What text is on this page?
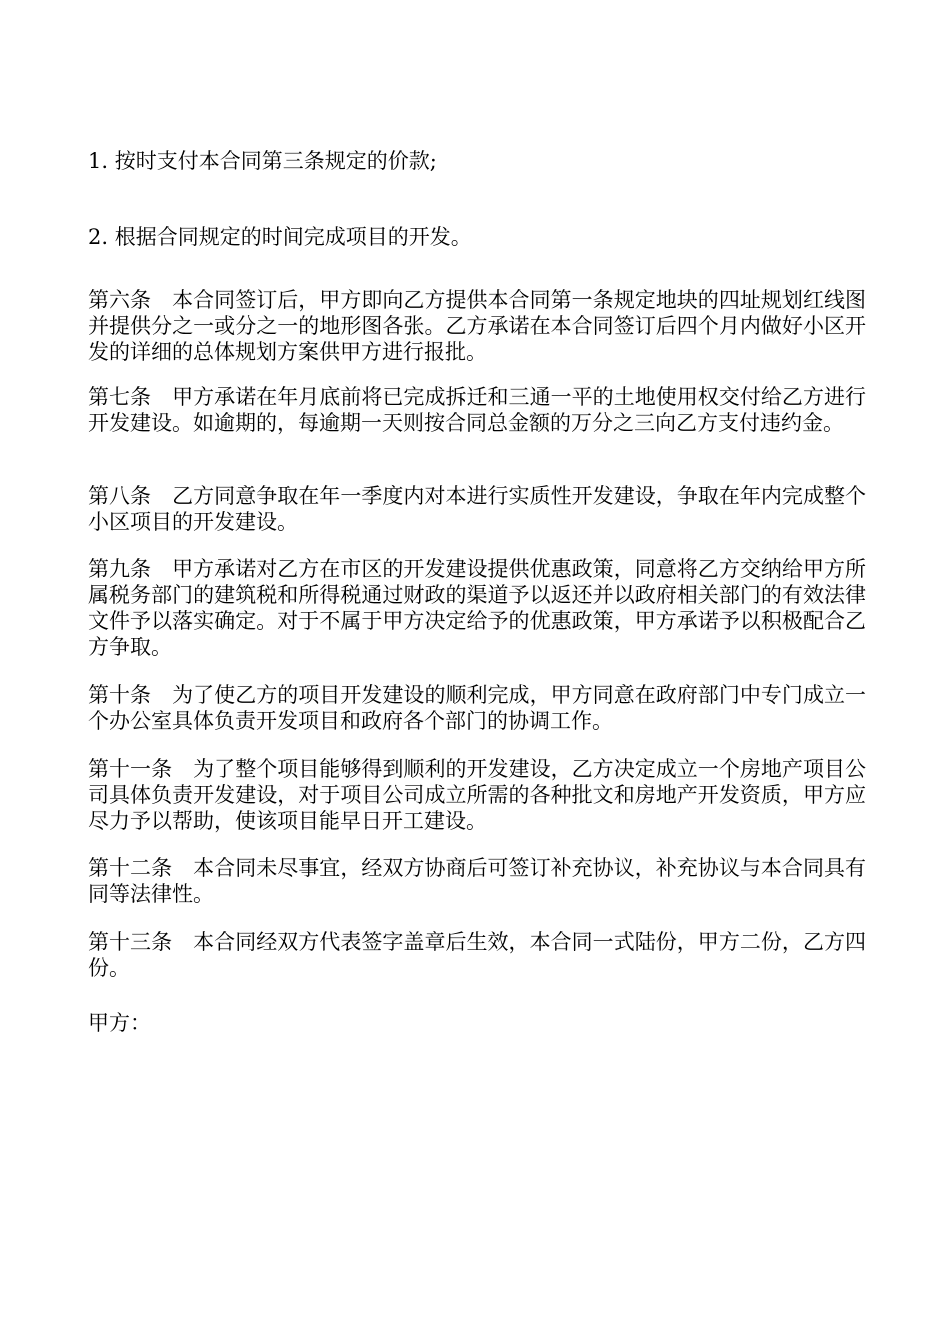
1. 按时支付本合同第三条规定的价款;

2. 根据合同规定的时间完成项目的开发。

第六条　本合同签订后，甲方即向乙方提供本合同第一条规定地块的四址规划红线图并提供分之一或分之一的地形图各张。乙方承诺在本合同签订后四个月内做好小区开发的详细的总体规划方案供甲方进行报批。

第七条　甲方承诺在年月底前将已完成拆迁和三通一平的土地使用权交付给乙方进行开发建设。如逾期的，每逾期一天则按合同总金额的万分之三向乙方支付违约金。

第八条　乙方同意争取在年一季度内对本进行实质性开发建设，争取在年内完成整个小区项目的开发建设。

第九条　甲方承诺对乙方在市区的开发建设提供优惠政策，同意将乙方交纳给甲方所属税务部门的建筑税和所得税通过财政的渠道予以返还并以政府相关部门的有效法律文件予以落实确定。对于不属于甲方决定给予的优惠政策，甲方承诺予以积极配合乙方争取。

第十条　为了使乙方的项目开发建设的顺利完成，甲方同意在政府部门中专门成立一个办公室具体负责开发项目和政府各个部门的协调工作。

第十一条　为了整个项目能够得到顺利的开发建设，乙方决定成立一个房地产项目公司具体负责开发建设，对于项目公司成立所需的各种批文和房地产开发资质，甲方应尽力予以帮助，使该项目能早日开工建设。

第十二条　本合同未尽事宜，经双方协商后可签订补充协议，补充协议与本合同具有同等法律性。

第十三条　本合同经双方代表签字盖章后生效，本合同一式陆份，甲方二份，乙方四份。

甲方：
